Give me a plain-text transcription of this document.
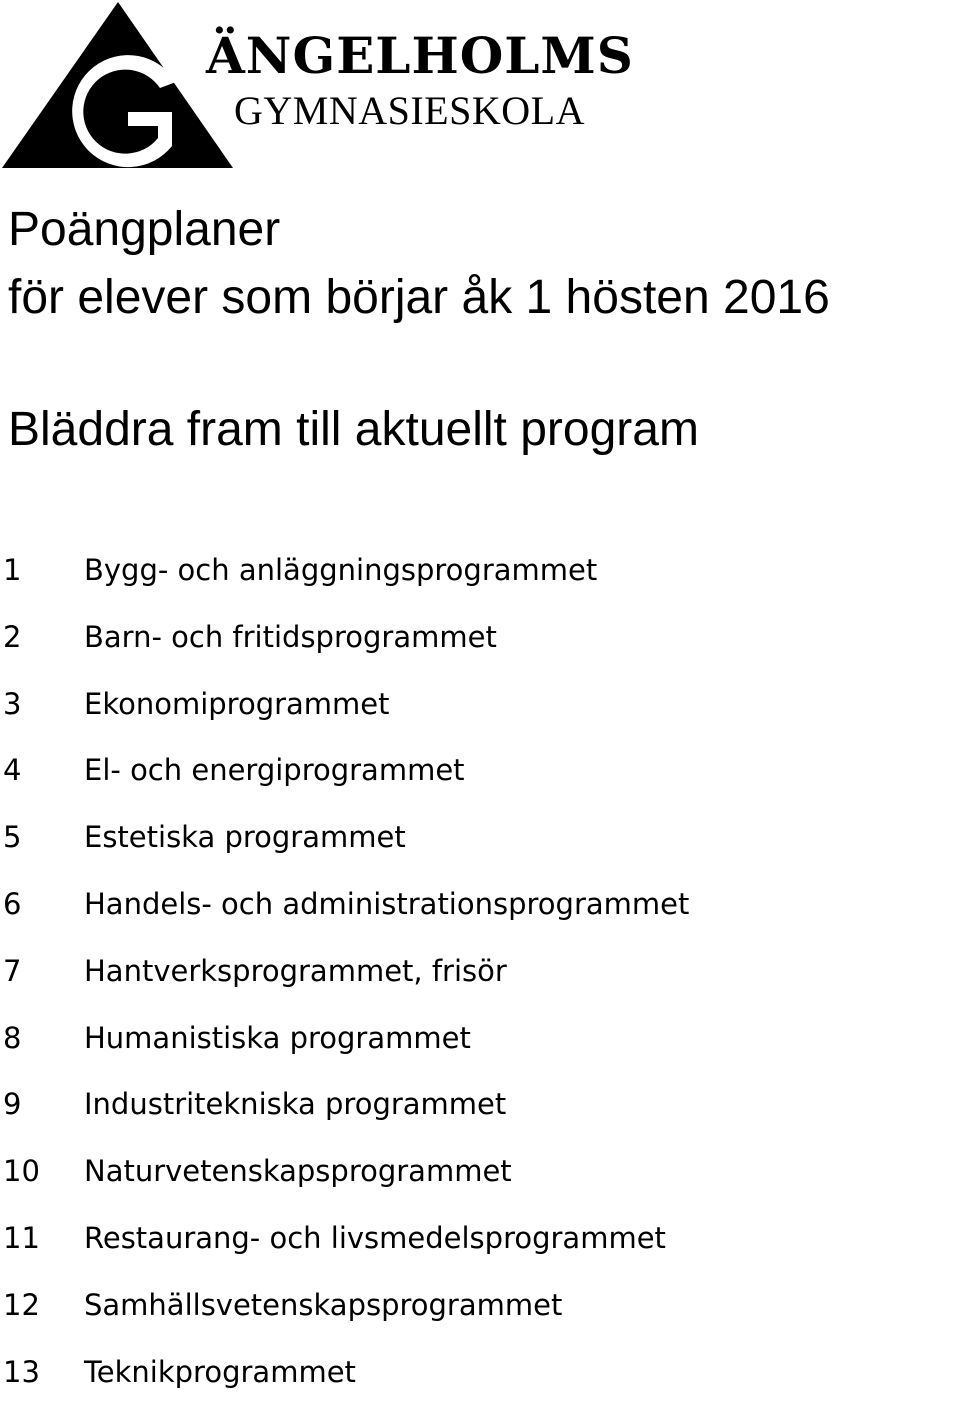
ÄNGELHOLMS
GYMNASIESKOLA
Poängplaner
för elever som börjar åk 1 hösten 2016

Bläddra fram till aktuellt program

1	Bygg- och anläggningsprogrammet
2	Barn- och fritidsprogrammet
3	Ekonomiprogrammet
4	El- och energiprogrammet
5	Estetiska programmet
6	Handels- och administrationsprogrammet
7	Hantverksprogrammet, frisör
8	Humanistiska programmet
9	Industritekniska programmet
10	Naturvetenskapsprogrammet
11	Restaurang- och livsmedelsprogrammet
12	Samhällsvetenskapsprogrammet
13	Teknikprogrammet
